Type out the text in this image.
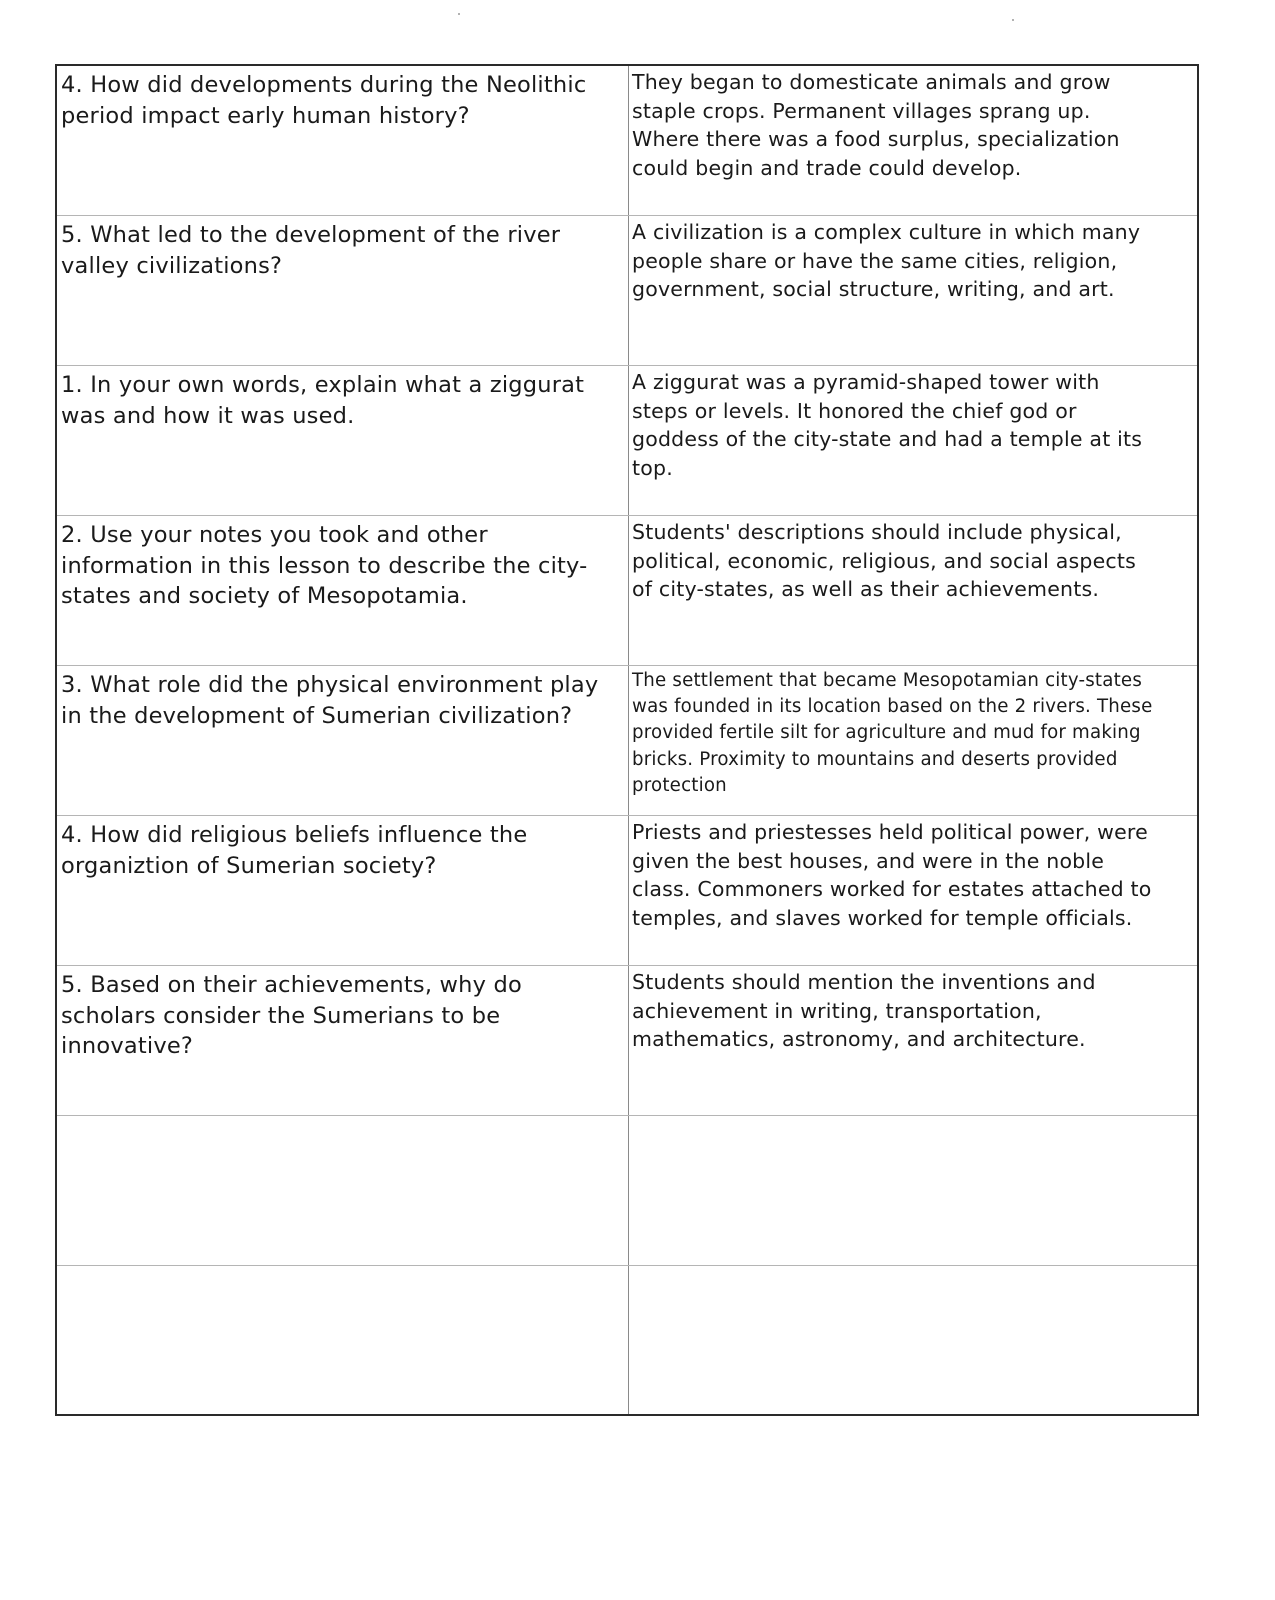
4. How did developments during the Neolithic
period impact early human history?
They began to domesticate animals and grow
staple crops. Permanent villages sprang up.
Where there was a food surplus, specialization
could begin and trade could develop.
5. What led to the development of the river
valley civilizations?
A civilization is a complex culture in which many
people share or have the same cities, religion,
government, social structure, writing, and art.
1. In your own words, explain what a ziggurat
was and how it was used.
A ziggurat was a pyramid-shaped tower with
steps or levels. It honored the chief god or
goddess of the city-state and had a temple at its
top.
2. Use your notes you took and other
information in this lesson to describe the city-
states and society of Mesopotamia.
Students' descriptions should include physical,
political, economic, religious, and social aspects
of city-states, as well as their achievements.
3. What role did the physical environment play
in the development of Sumerian civilization?
The settlement that became Mesopotamian city-states
was founded in its location based on the 2 rivers. These
provided fertile silt for agriculture and mud for making
bricks. Proximity to mountains and deserts provided
protection
4. How did religious beliefs influence the
organiztion of Sumerian society?
Priests and priestesses held political power, were
given the best houses, and were in the noble
class. Commoners worked for estates attached to
temples, and slaves worked for temple officials.
5. Based on their achievements, why do
scholars consider the Sumerians to be
innovative?
Students should mention the inventions and
achievement in writing, transportation,
mathematics, astronomy, and architecture.
